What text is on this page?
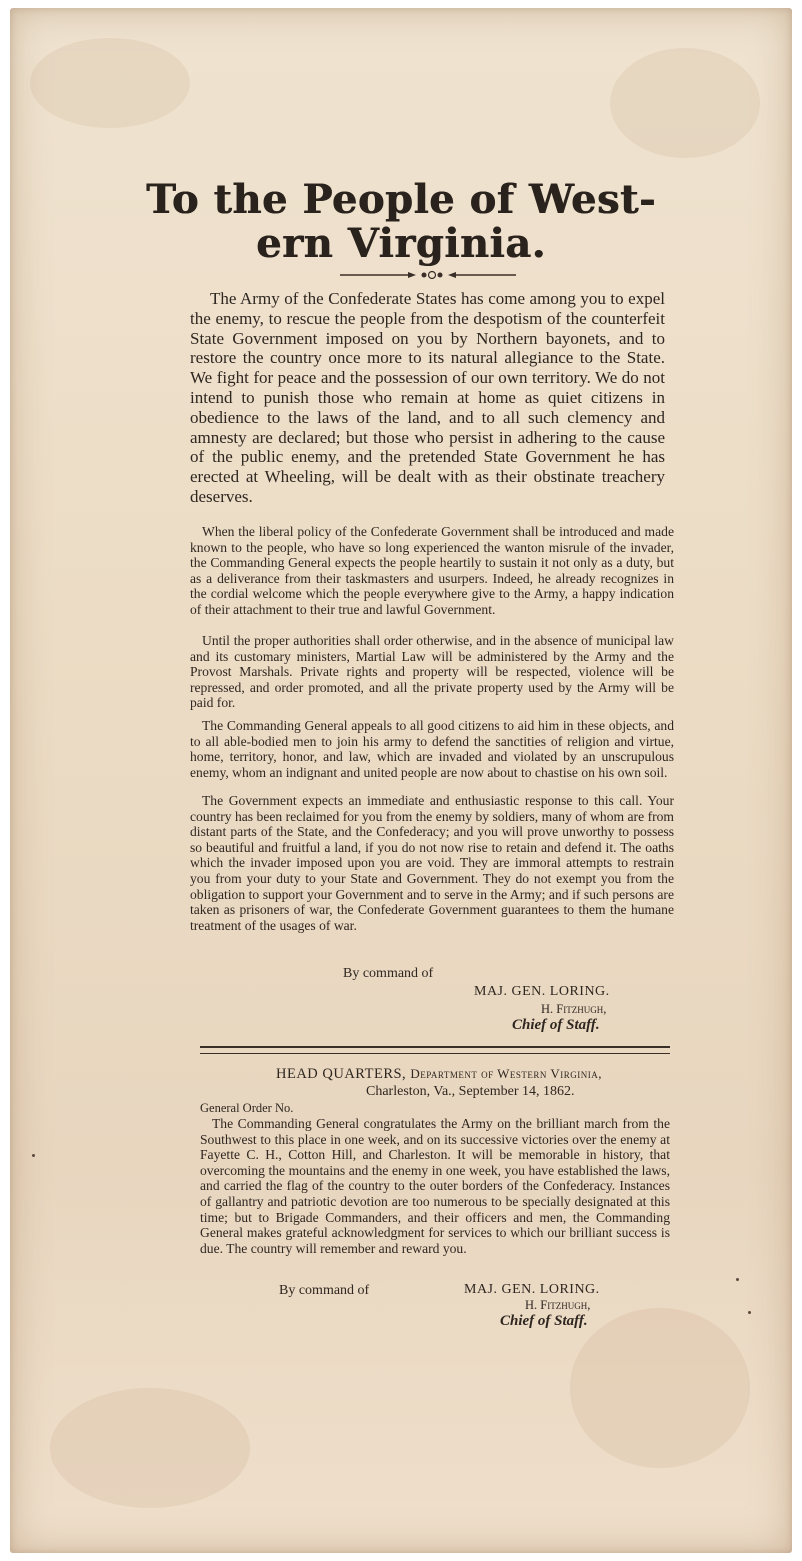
To the People of West-
ern Virginia.

The Army of the Confederate States has come among you to expel the enemy, to rescue the people from the despotism of the counterfeit State Government imposed on you by Northern bayonets, and to restore the country once more to its natural allegiance to the State. We fight for peace and the possession of our own territory. We do not intend to punish those who remain at home as quiet citizens in obedience to the laws of the land, and to all such clemency and amnesty are declared; but those who persist in adhering to the cause of the public enemy, and the pretended State Government he has erected at Wheeling, will be dealt with as their obstinate treachery deserves.

When the liberal policy of the Confederate Government shall be introduced and made known to the people, who have so long experienced the wanton misrule of the invader, the Commanding General expects the people heartily to sustain it not only as a duty, but as a deliverance from their taskmasters and usurpers. Indeed, he already recognizes in the cordial welcome which the people everywhere give to the Army, a happy indication of their attachment to their true and lawful Government.

Until the proper authorities shall order otherwise, and in the absence of municipal law and its customary ministers, Martial Law will be administered by the Army and the Provost Marshals. Private rights and property will be respected, violence will be repressed, and order promoted, and all the private property used by the Army will be paid for.

The Commanding General appeals to all good citizens to aid him in these objects, and to all able-bodied men to join his army to defend the sanctities of religion and virtue, home, territory, honor, and law, which are invaded and violated by an unscrupulous enemy, whom an indignant and united people are now about to chastise on his own soil.

The Government expects an immediate and enthusiastic response to this call. Your country has been reclaimed for you from the enemy by soldiers, many of whom are from distant parts of the State, and the Confederacy; and you will prove unworthy to possess so beautiful and fruitful a land, if you do not now rise to retain and defend it. The oaths which the invader imposed upon you are void. They are immoral attempts to restrain you from your duty to your State and Government. They do not exempt you from the obligation to support your Government and to serve in the Army; and if such persons are taken as prisoners of war, the Confederate Government guarantees to them the humane treatment of the usages of war.

By command of
MAJ. GEN. LORING.
H. Fitzhugh,
Chief of Staff.
HEAD QUARTERS, Department of Western Virginia,
Charleston, Va., September 14, 1862.
General Order No.

The Commanding General congratulates the Army on the brilliant march from the Southwest to this place in one week, and on its successive victories over the enemy at Fayette C. H., Cotton Hill, and Charleston. It will be memorable in history, that overcoming the mountains and the enemy in one week, you have established the laws, and carried the flag of the country to the outer borders of the Confederacy. Instances of gallantry and patriotic devotion are too numerous to be specially designated at this time; but to Brigade Commanders, and their officers and men, the Commanding General makes grateful acknowledgment for services to which our brilliant success is due. The country will remember and reward you.

By command of	MAJ. GEN. LORING.
H. Fitzhugh,
Chief of Staff.
